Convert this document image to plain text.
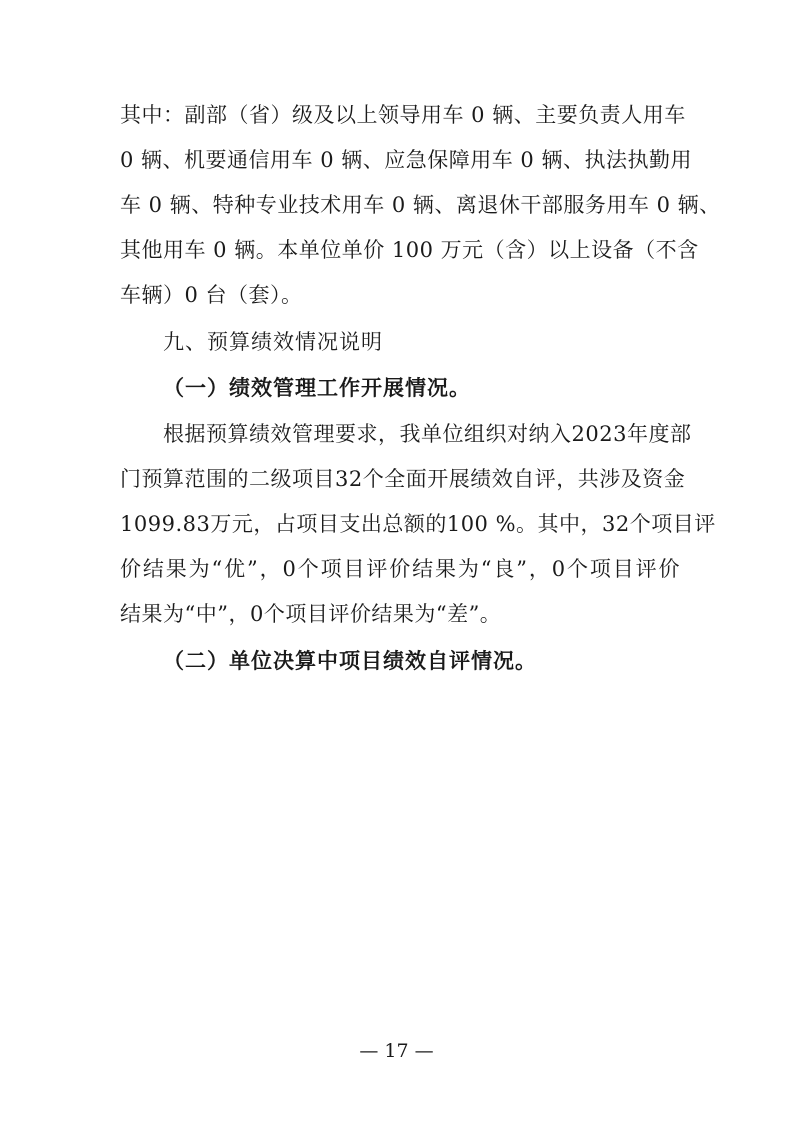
其中：副部（省）级及以上领导用车 0 辆、主要负责人用车
0 辆、机要通信用车 0 辆、应急保障用车 0 辆、执法执勤用
车 0 辆、特种专业技术用车 0 辆、离退休干部服务用车 0 辆、
其他用车 0 辆。本单位单价 100 万元（含）以上设备（不含
车辆）0 台（套）。
九、预算绩效情况说明
（一）绩效管理工作开展情况。
根据预算绩效管理要求，我单位组织对纳入2023年度部
门预算范围的二级项目32个全面开展绩效自评，共涉及资金
1099.83万元，占项目支出总额的100 %。其中，32个项目评
价结果为“优”，0个项目评价结果为“良”，0个项目评价
结果为“中”，0个项目评价结果为“差”。
（二）单位决算中项目绩效自评情况。
— 17 —
